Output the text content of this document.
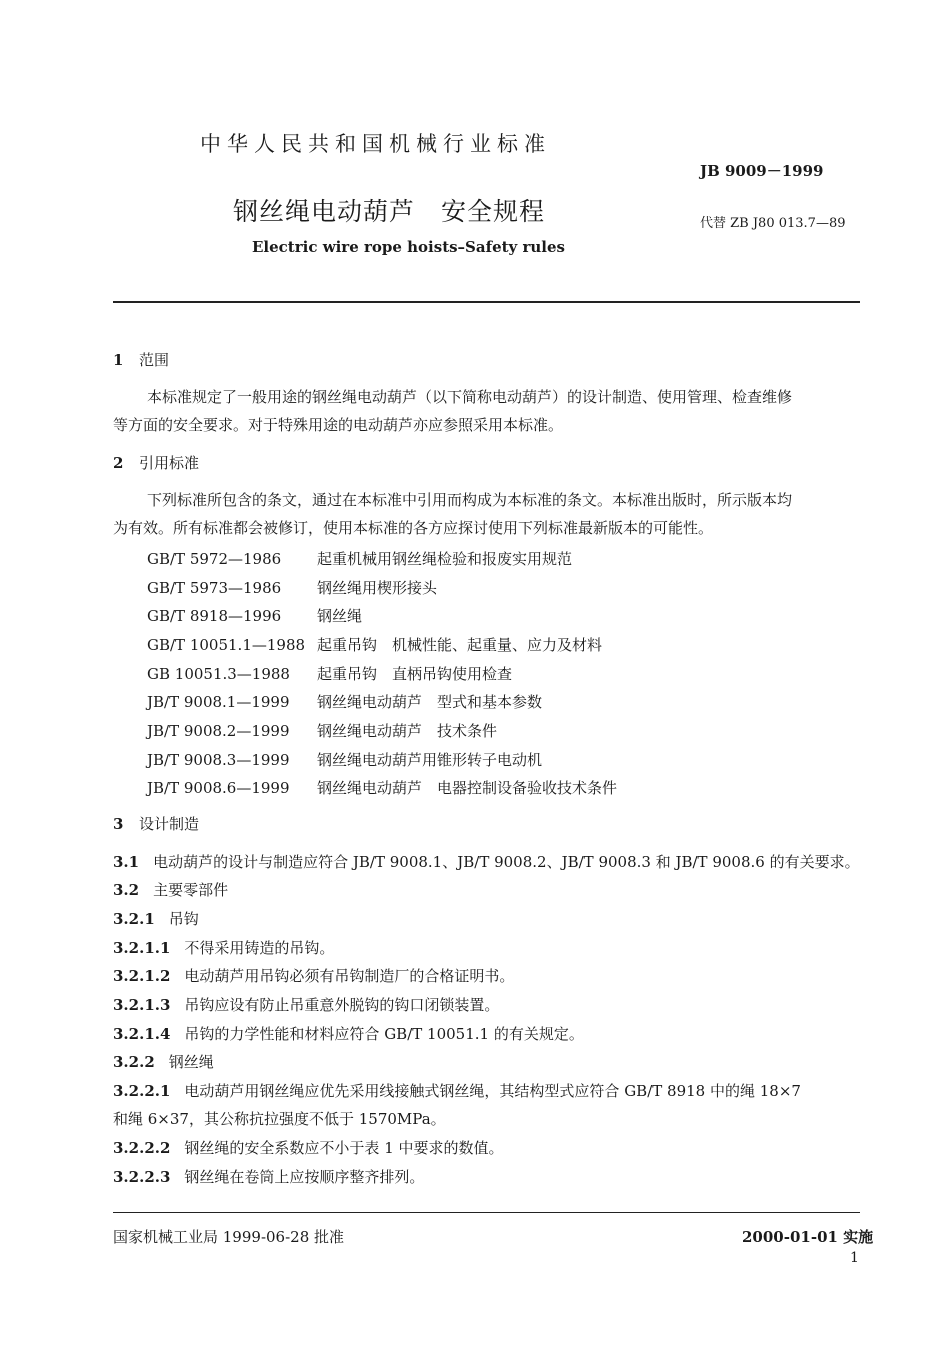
中华人民共和国机械行业标准
JB 9009－1999
钢丝绳电动葫芦　安全规程	代替 ZB J80 013.7—89
Electric wire rope hoists–Safety rules
1 范围
本标准规定了一般用途的钢丝绳电动葫芦（以下简称电动葫芦）的设计制造、使用管理、检查维修
等方面的安全要求。对于特殊用途的电动葫芦亦应参照采用本标准。
2 引用标准
下列标准所包含的条文，通过在本标准中引用而构成为本标准的条文。本标准出版时，所示版本均
为有效。所有标准都会被修订，使用本标准的各方应探讨使用下列标准最新版本的可能性。
GB/T 5972—1986 起重机械用钢丝绳检验和报废实用规范
GB/T 5973—1986 钢丝绳用楔形接头
GB/T 8918—1996 钢丝绳
GB/T 10051.1—1988 起重吊钩　机械性能、起重量、应力及材料
GB 10051.3—1988 起重吊钩　直柄吊钩使用检查
JB/T 9008.1—1999 钢丝绳电动葫芦　型式和基本参数
JB/T 9008.2—1999 钢丝绳电动葫芦　技术条件
JB/T 9008.3—1999 钢丝绳电动葫芦用锥形转子电动机
JB/T 9008.6—1999 钢丝绳电动葫芦　电器控制设备验收技术条件
3 设计制造
3.1 电动葫芦的设计与制造应符合 JB/T 9008.1、JB/T 9008.2、JB/T 9008.3 和 JB/T 9008.6 的有关要求。
3.2 主要零部件
3.2.1 吊钩
3.2.1.1 不得采用铸造的吊钩。
3.2.1.2 电动葫芦用吊钩必须有吊钩制造厂的合格证明书。
3.2.1.3 吊钩应设有防止吊重意外脱钩的钩口闭锁装置。
3.2.1.4 吊钩的力学性能和材料应符合 GB/T 10051.1 的有关规定。
3.2.2 钢丝绳
3.2.2.1 电动葫芦用钢丝绳应优先采用线接触式钢丝绳，其结构型式应符合 GB/T 8918 中的绳 18×7
和绳 6×37，其公称抗拉强度不低于 1570MPa。
3.2.2.2 钢丝绳的安全系数应不小于表 1 中要求的数值。
3.2.2.3 钢丝绳在卷筒上应按顺序整齐排列。
国家机械工业局 1999-06-28 批准	2000-01-01 实施
1
